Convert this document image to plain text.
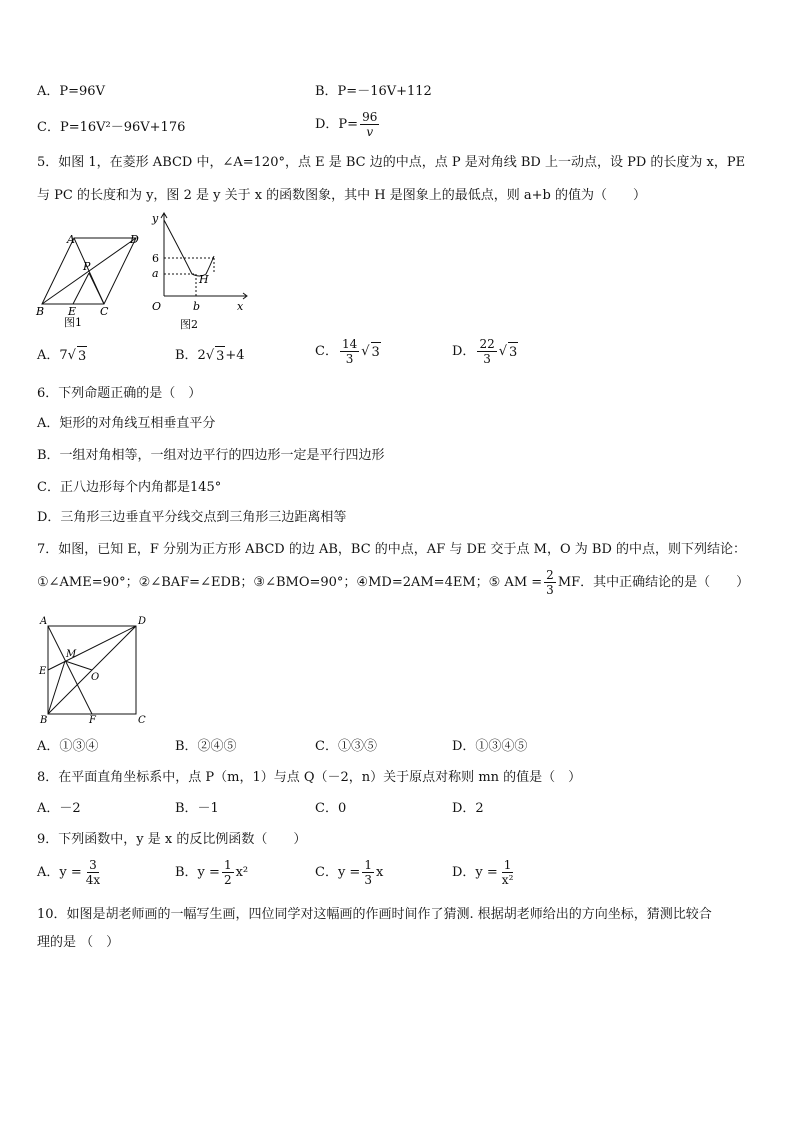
A．P=96V	B．P=－16V+112
C．P=16V²－96V+176	D．$P= \frac{96}{v}$
5．如图 1，在菱形 ABCD 中，∠A=120°，点 E 是 BC 边的中点，点 P 是对角线 BD 上一动点，设 PD 的长度为 x，PE
与 PC 的长度和为 y，图 2 是 y 关于 x 的函数图象，其中 H 是图象上的最低点，则 a+b 的值为（　　）
A	D
B	C
E
P
图1
y
x
O
6
a
b
H
图2
A．7√ 3	B．2√ 3 +4	C． $\frac{14}{3}$ √ 3	D． $\frac{22}{3}$ √ 3
6．下列命题正确的是（　）
A．矩形的对角线互相垂直平分
B．一组对角相等，一组对边平行的四边形一定是平行四边形
C．正八边形每个内角都是145°
D．三角形三边垂直平分线交点到三角形三边距离相等
7．如图，已知 E，F 分别为正方形 ABCD 的边 AB，BC 的中点，AF 与 DE 交于点 M，O 为 BD 的中点，则下列结论：
①∠AME=90°；②∠BAF=∠EDB；③∠BMO=90°；④MD=2AM=4EM；⑤ AM = $\frac{2}{3}$ MF．其中正确结论的是（　　）
A	D
B	C
E
F
M
O
A．①③④	B．②④⑤	C．①③⑤	D．①③④⑤
8．在平面直角坐标系中，点 P（m，1）与点 Q（－2，n）关于原点对称则 mn 的值是（　）
A．－2	B．－1	C．0	D．2
9．下列函数中，y 是 x 的反比例函数（　　）
A．$y = \frac{3}{4x}$	B．$y = \frac{1}{2} x^2$	C．$y = \frac{1}{3}$ x	D．$y = \frac{1}{\text{x²}}$
10．如图是胡老师画的一幅写生画，四位同学对这幅画的作画时间作了猜测. 根据胡老师给出的方向坐标，猜测比较合
理的是 （　）
